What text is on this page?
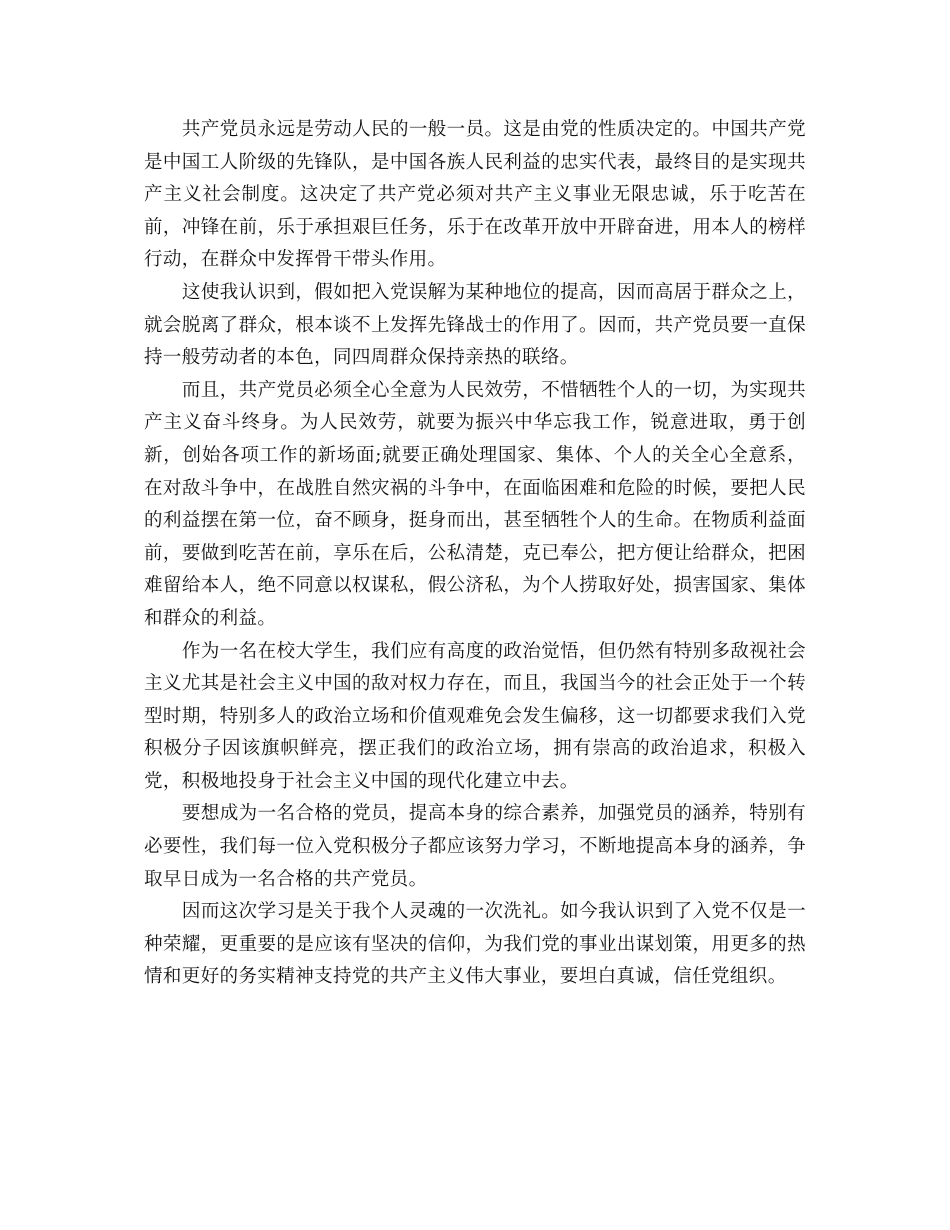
共产党员永远是劳动人民的一般一员。这是由党的性质决定的。中国共产党是中国工人阶级的先锋队，是中国各族人民利益的忠实代表，最终目的是实现共产主义社会制度。这决定了共产党必须对共产主义事业无限忠诚，乐于吃苦在前，冲锋在前，乐于承担艰巨任务，乐于在改革开放中开辟奋进，用本人的榜样行动，在群众中发挥骨干带头作用。

这使我认识到，假如把入党误解为某种地位的提高，因而高居于群众之上，就会脱离了群众，根本谈不上发挥先锋战士的作用了。因而，共产党员要一直保持一般劳动者的本色，同四周群众保持亲热的联络。

而且，共产党员必须全心全意为人民效劳，不惜牺牲个人的一切，为实现共产主义奋斗终身。为人民效劳，就要为振兴中华忘我工作，锐意进取，勇于创新，创始各项工作的新场面;就要正确处理国家、集体、个人的关全心全意系，在对敌斗争中，在战胜自然灾祸的斗争中，在面临困难和危险的时候，要把人民的利益摆在第一位，奋不顾身，挺身而出，甚至牺牲个人的生命。在物质利益面前，要做到吃苦在前，享乐在后，公私清楚，克已奉公，把方便让给群众，把困难留给本人，绝不同意以权谋私，假公济私，为个人捞取好处，损害国家、集体和群众的利益。

作为一名在校大学生，我们应有高度的政治觉悟，但仍然有特别多敌视社会主义尤其是社会主义中国的敌对权力存在，而且，我国当今的社会正处于一个转型时期，特别多人的政治立场和价值观难免会发生偏移，这一切都要求我们入党积极分子因该旗帜鲜亮，摆正我们的政治立场，拥有崇高的政治追求，积极入党，积极地投身于社会主义中国的现代化建立中去。

要想成为一名合格的党员，提高本身的综合素养，加强党员的涵养，特别有必要性，我们每一位入党积极分子都应该努力学习，不断地提高本身的涵养，争取早日成为一名合格的共产党员。

因而这次学习是关于我个人灵魂的一次洗礼。如今我认识到了入党不仅是一种荣耀，更重要的是应该有坚决的信仰，为我们党的事业出谋划策，用更多的热情和更好的务实精神支持党的共产主义伟大事业，要坦白真诚，信任党组织。
